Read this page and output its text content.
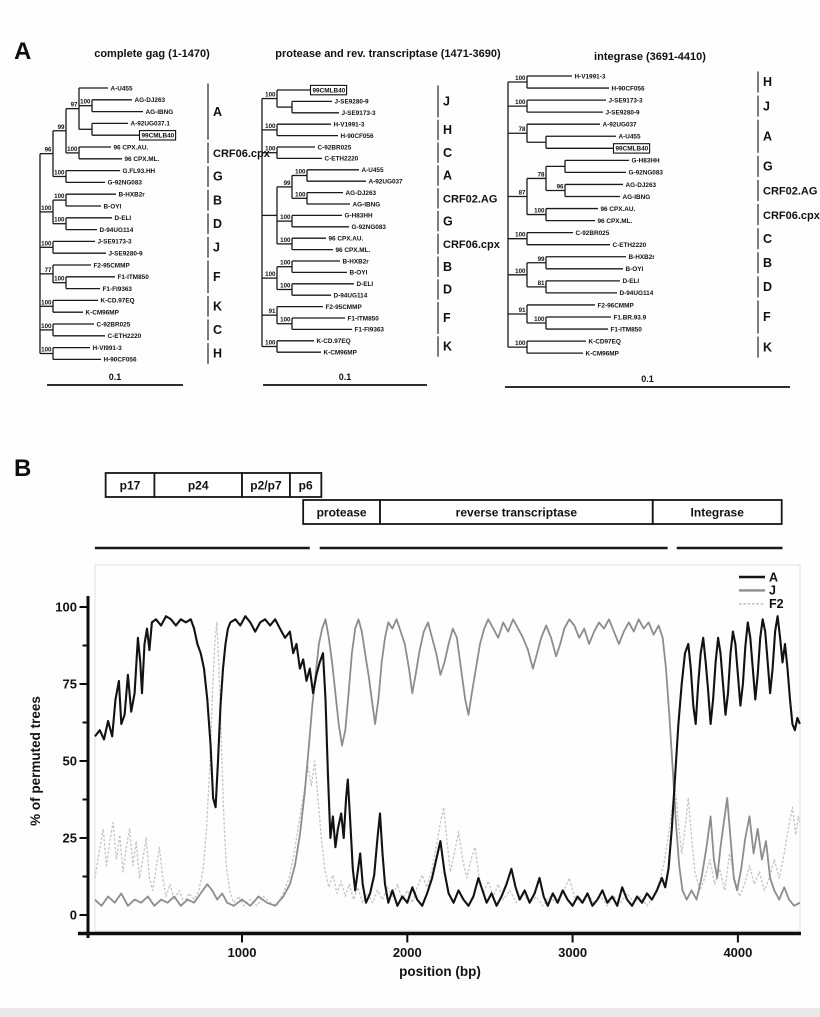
A
96
99
97
A-U455
100	AG-DJ263
AG-IBNG
A-92UG037.1
99CMLB40
100	96 CPX.AU.
96 CPX.ML.
100	G.FL93.HH
G-92NG083
100
100	B-HXB2r
B-OYI
100	D-ELI
D-94UG114
100	J-SE9173-3
J-SE9280-9
77
F2-95CMMP
100	F1-ITM850
F1-FI9363
100	K-CD.97EQ
K-CM96MP
100	C-92BR025
C-ETH2220
100	H-VI991-3
H-90CF056
A
CRF06.cpx
G
B
D
J
F
K
C
H
complete gag (1-1470)
0.1
100
99CMLB40
J-SE9280-9
J-SE9173-3
100	H-V1991-3
H-90CF056
100	C-92BR025
C-ETH2220
99
100	A-U455
A-92UG037
100	AG-DJ263
AG-IBNG
100	G-H83HH
G-92NG083
100	96 CPX.AU.
96 CPX.ML.
100
100	B-HXB2r
B-OYI
100	D-ELI
D-94UG114
91
F2-95CMMP
100	F1-ITM850
F1-FI9363
100	K-CD.97EQ
K-CM96MP
J
H
C
A
CRF02.AG
G
CRF06.cpx
B
D
F
K
protease and rev. transcriptase (1471-3690)
0.1
100	H-V1991-3
H-90CF056
100	J-SE9173-3
J-SE9280-9
78
A-92UG037
A-U455
99CMLB40
87
78
G-H83HH
G-92NG083
96	AG-DJ263
AG-IBNG
100	96 CPX.AU.
96 CPX.ML.
100	C-92BR025
C-ETH2220
100
99	B-HXB2r
B-OYI
81	D-ELI
D-94UG114
91
F2-96CMMP
100	F1.BR.93.9
F1-ITM850
100	K-CD97EQ
K-CM96MP
H
J
A
G
CRF02.AG
CRF06.cpx
C
B
D
F
K
integrase (3691-4410)
0.1
B
p17	p24	p2/p7 p6
protease	reverse transcriptase	Integrase
0
25
50
75
100
1000	2000	3000	4000
position (bp)
% of permuted trees
A
J
F2
